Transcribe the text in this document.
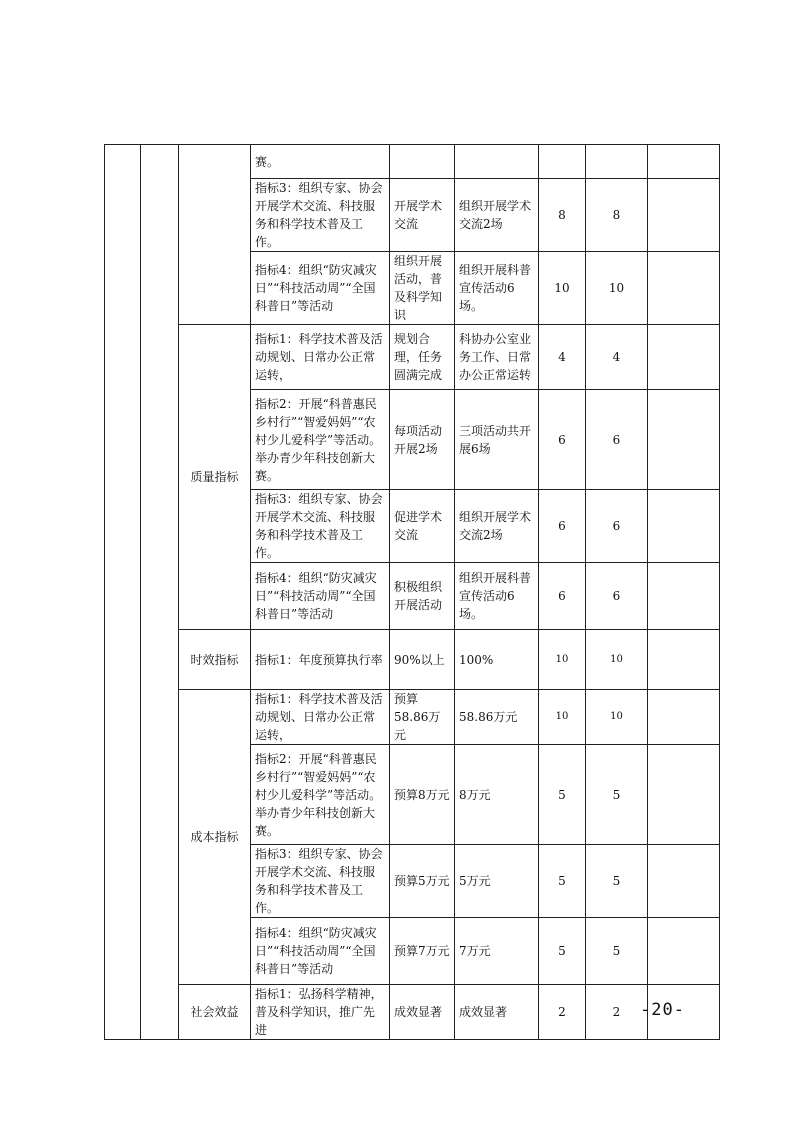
			赛。					
			指标3：组织专家、协会开展学术交流、科技服务和科学技术普及工作。	开展学术交流	组织开展学术交流2场	8	8	
			指标4：组织“防灾减灾日”“科技活动周”“全国科普日”等活动	组织开展活动，普及科学知识	组织开展科普宣传活动6场。	10	10	
		质量指标	指标1：科学技术普及活动规划、日常办公正常运转，	规划合理，任务圆满完成	科协办公室业务工作、日常办公正常运转	4	4	
			指标2：开展“科普惠民乡村行”“智爱妈妈”“农村少儿爱科学”等活动。举办青少年科技创新大赛。	每项活动开展2场	三项活动共开展6场	6	6	
			指标3：组织专家、协会开展学术交流、科技服务和科学技术普及工作。	促进学术交流	组织开展学术交流2场	6	6	
			指标4：组织“防灾减灾日”“科技活动周”“全国科普日”等活动	积极组织开展活动	组织开展科普宣传活动6场。	6	6	
		时效指标	指标1：年度预算执行率	90%以上	100%	10	10	
		成本指标	指标1：科学技术普及活动规划、日常办公正常运转，	预算58.86万元	58.86万元	10	10	
			指标2：开展“科普惠民乡村行”“智爱妈妈”“农村少儿爱科学”等活动。举办青少年科技创新大赛。	预算8万元	8万元	5	5	
			指标3：组织专家、协会开展学术交流、科技服务和科学技术普及工作。	预算5万元	5万元	5	5	
			指标4：组织“防灾减灾日”“科技活动周”“全国科普日”等活动	预算7万元	7万元	5	5	
		社会效益	指标1：弘扬科学精神，普及科学知识，推广先进	成效显著	成效显著	2	2	-20-
